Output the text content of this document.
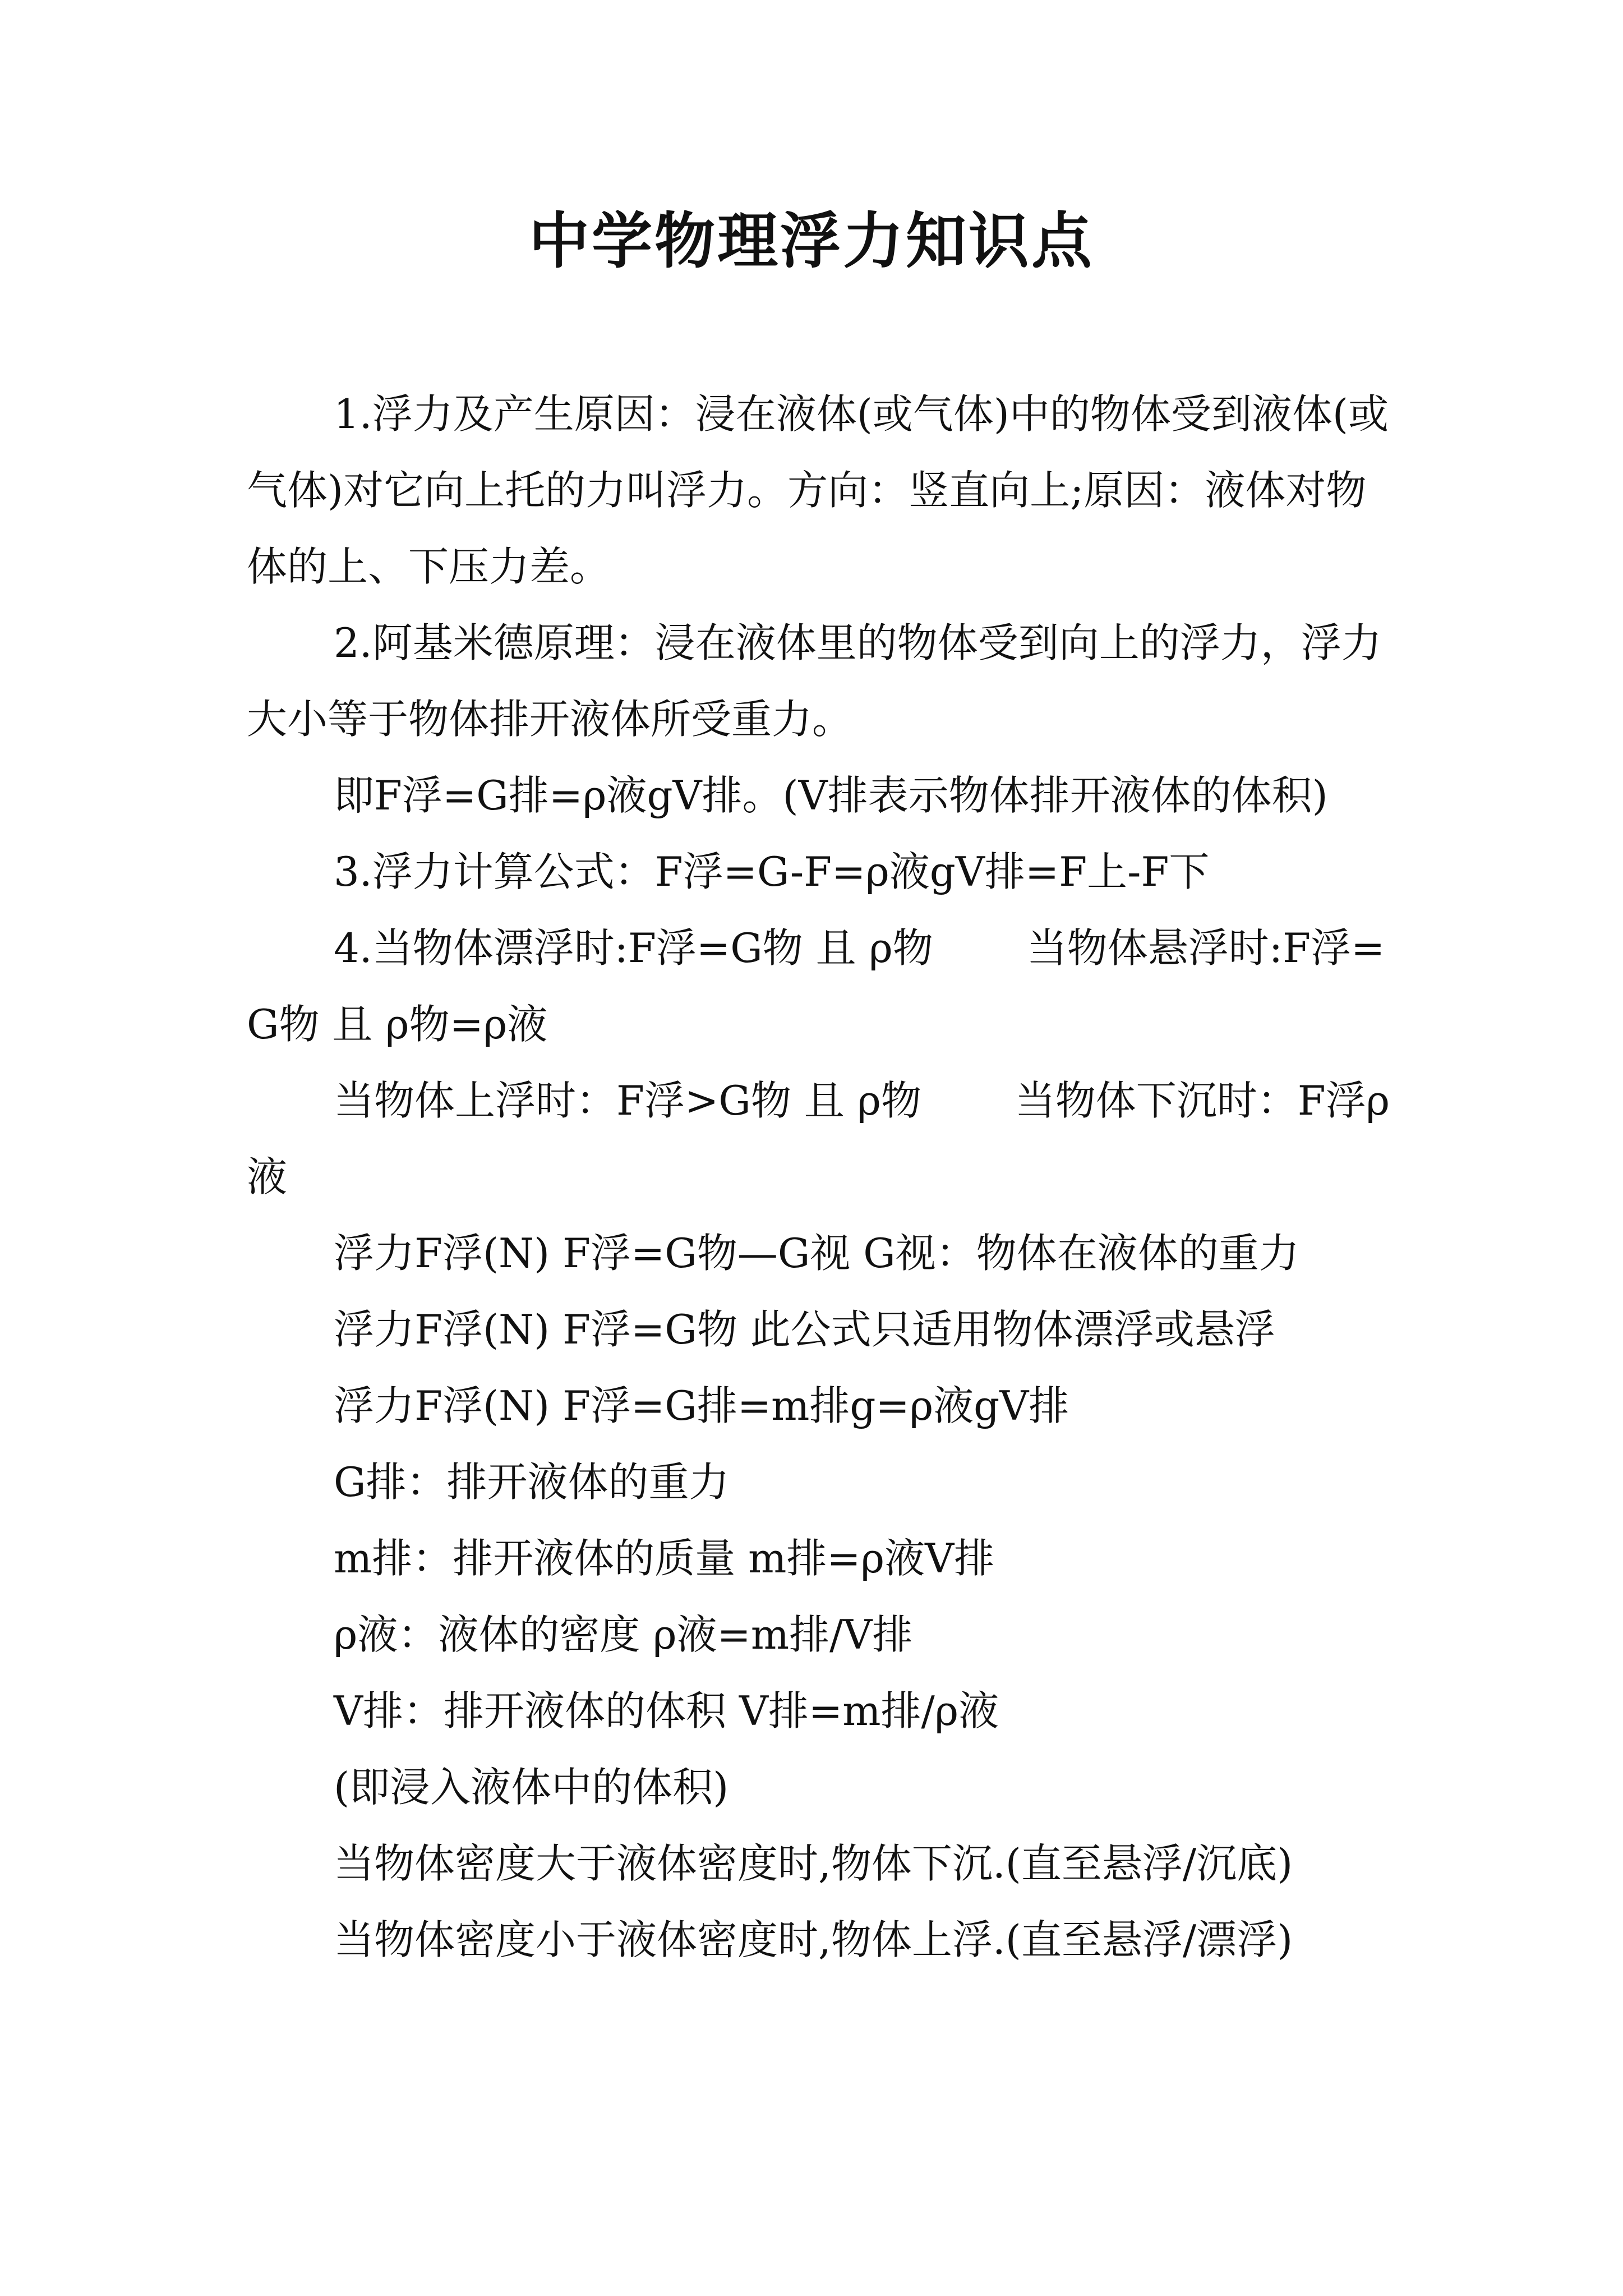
中学物理浮力知识点

1.浮力及产生原因：浸在液体(或气体)中的物体受到液体(或气体)对它向上托的力叫浮力。方向：竖直向上;原因：液体对物体的上、下压力差。

2.阿基米德原理：浸在液体里的物体受到向上的浮力，浮力大小等于物体排开液体所受重力。

即F浮=G排=ρ液gV排。(V排表示物体排开液体的体积)

3.浮力计算公式：F浮=G-F=ρ液gV排=F上-F下

4.当物体漂浮时:F浮=G物 且 ρ物　　 当物体悬浮时:F浮=G物 且 ρ物=ρ液

当物体上浮时：F浮>G物 且 ρ物　　 当物体下沉时：F浮ρ液

浮力F浮(N) F浮=G物—G视 G视：物体在液体的重力

浮力F浮(N) F浮=G物 此公式只适用物体漂浮或悬浮

浮力F浮(N) F浮=G排=m排g=ρ液gV排

G排：排开液体的重力

m排：排开液体的质量 m排=ρ液V排

ρ液：液体的密度 ρ液=m排/V排

V排：排开液体的体积 V排=m排/ρ液

(即浸入液体中的体积)

当物体密度大于液体密度时,物体下沉.(直至悬浮/沉底)

当物体密度小于液体密度时,物体上浮.(直至悬浮/漂浮)
